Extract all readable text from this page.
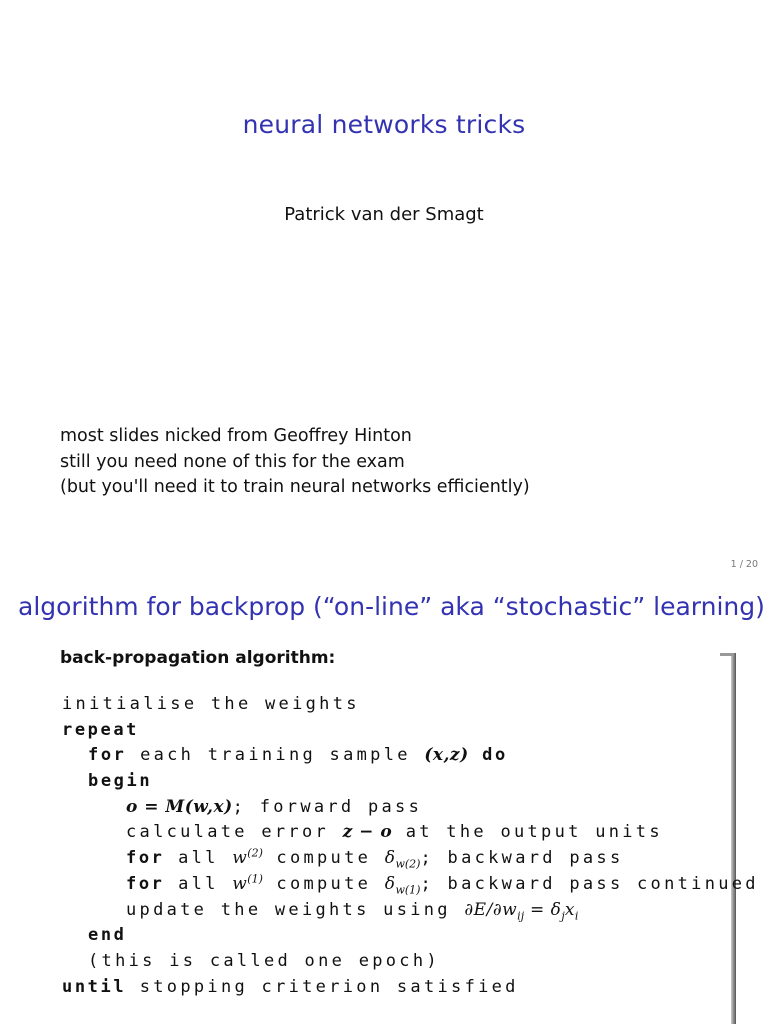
neural networks tricks
Patrick van der Smagt
most slides nicked from Geoffrey Hinton
still you need none of this for the exam
(but you'll need it to train neural networks efficiently)
1 / 20
algorithm for backprop (“on-line” aka “stochastic” learning)
back-propagation algorithm:
initialise the weights
repeat
for each training sample (x,z) do
begin
o = M(w,x); forward pass
calculate error z − o at the output units
for all $w^{(2)}$ compute $\delta_{w(2)}$; backward pass
for all $w^{(1)}$ compute $\delta_{w(1)}$; backward pass continued
update the weights using $\partial E/\partial w_{ij} = \delta_jx_i$
end
(this is called one epoch)
until stopping criterion satisfied
